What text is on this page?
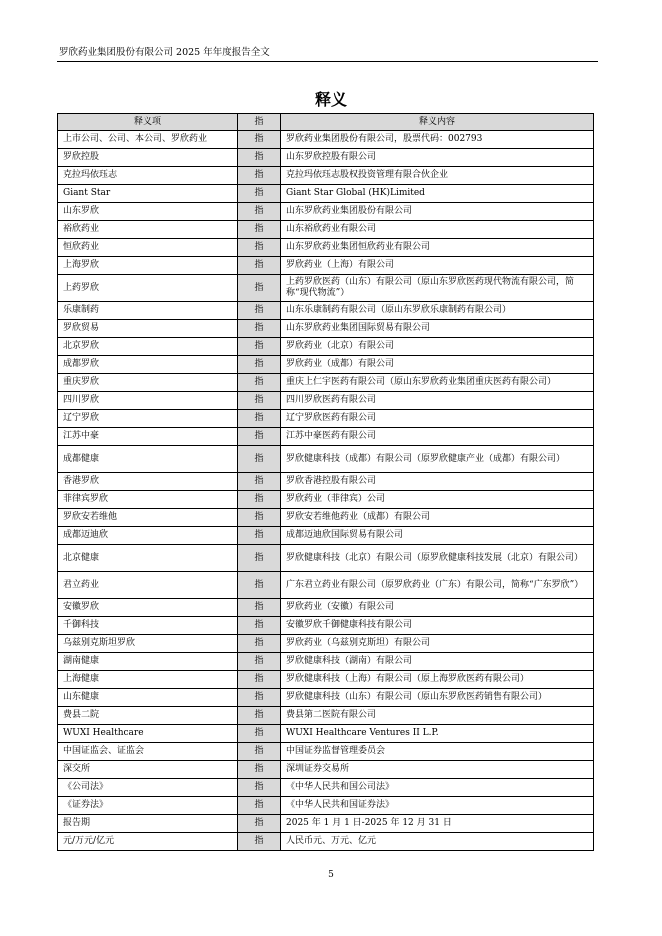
罗欣药业集团股份有限公司 2025 年年度报告全文
释义
释义项	指	释义内容
上市公司、公司、本公司、罗欣药业	指	罗欣药业集团股份有限公司，股票代码：002793
罗欣控股	指	山东罗欣控股有限公司
克拉玛依珏志	指	克拉玛依珏志股权投资管理有限合伙企业
Giant Star	指	Giant Star Global (HK)Limited
山东罗欣	指	山东罗欣药业集团股份有限公司
裕欣药业	指	山东裕欣药业有限公司
恒欣药业	指	山东罗欣药业集团恒欣药业有限公司
上海罗欣	指	罗欣药业（上海）有限公司
上药罗欣	指	上药罗欣医药（山东）有限公司（原山东罗欣医药现代物流有限公司，简称“现代物流”）
乐康制药	指	山东乐康制药有限公司（原山东罗欣乐康制药有限公司）
罗欣贸易	指	山东罗欣药业集团国际贸易有限公司
北京罗欣	指	罗欣药业（北京）有限公司
成都罗欣	指	罗欣药业（成都）有限公司
重庆罗欣	指	重庆上仁宇医药有限公司（原山东罗欣药业集团重庆医药有限公司）
四川罗欣	指	四川罗欣医药有限公司
辽宁罗欣	指	辽宁罗欣医药有限公司
江苏中豪	指	江苏中豪医药有限公司
成都健康	指	罗欣健康科技（成都）有限公司（原罗欣健康产业（成都）有限公司）
香港罗欣	指	罗欣香港控股有限公司
菲律宾罗欣	指	罗欣药业（菲律宾）公司
罗欣安若维他	指	罗欣安若维他药业（成都）有限公司
成都迈迪欣	指	成都迈迪欣国际贸易有限公司
北京健康	指	罗欣健康科技（北京）有限公司（原罗欣健康科技发展（北京）有限公司）
君立药业	指	广东君立药业有限公司（原罗欣药业（广东）有限公司，简称“广东罗欣”）
安徽罗欣	指	罗欣药业（安徽）有限公司
千御科技	指	安徽罗欣千御健康科技有限公司
乌兹别克斯坦罗欣	指	罗欣药业（乌兹别克斯坦）有限公司
湖南健康	指	罗欣健康科技（湖南）有限公司
上海健康	指	罗欣健康科技（上海）有限公司（原上海罗欣医药有限公司）
山东健康	指	罗欣健康科技（山东）有限公司（原山东罗欣医药销售有限公司）
费县二院	指	费县第二医院有限公司
WUXI Healthcare	指	WUXI Healthcare Ventures II L.P.
中国证监会、证监会	指	中国证券监督管理委员会
深交所	指	深圳证券交易所
《公司法》	指	《中华人民共和国公司法》
《证券法》	指	《中华人民共和国证券法》
报告期	指	2025 年 1 月 1 日-2025 年 12 月 31 日
元/万元/亿元	指	人民币元、万元、亿元
5
